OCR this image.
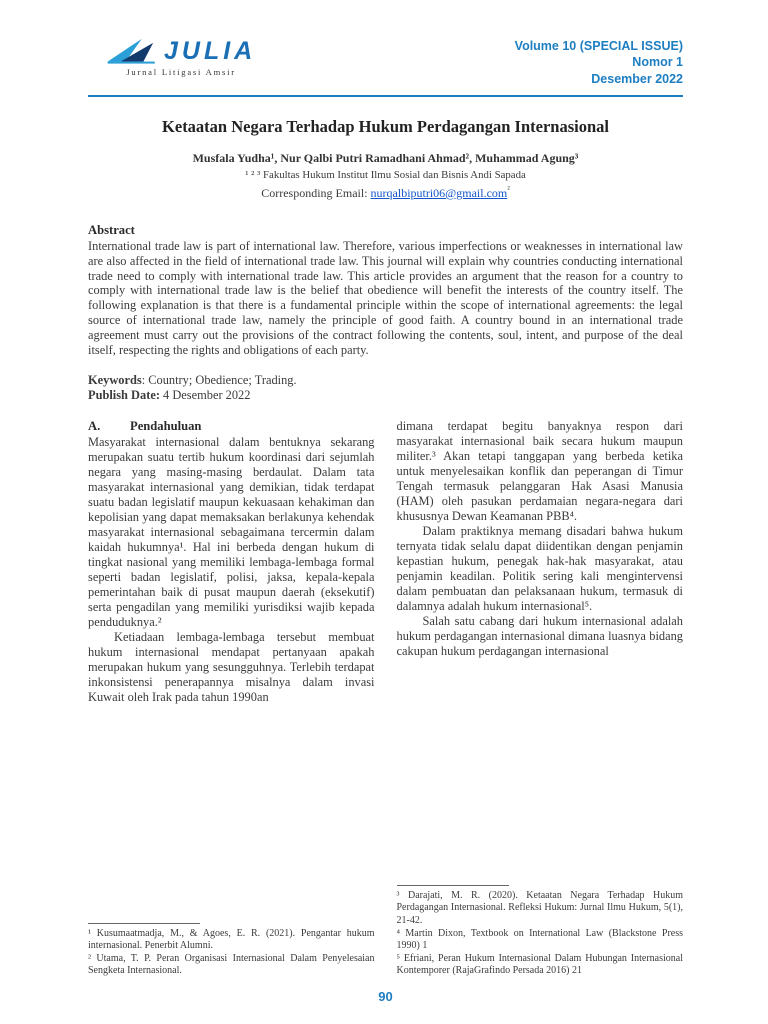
JULIA
Jurnal Litigasi Amsir
Volume 10 (SPECIAL ISSUE)
Nomor 1
Desember 2022
Ketaatan Negara Terhadap Hukum Perdagangan Internasional
Musfala Yudha¹, Nur Qalbi Putri Ramadhani Ahmad², Muhammad Agung³
¹ ² ³ Fakultas Hukum Institut Ilmu Sosial dan Bisnis Andi Sapada
Corresponding Email: nurqalbiputri06@gmail.com$^{^2}$
Abstract

International trade law is part of international law. Therefore, various imperfections or weaknesses in international law are also affected in the field of international trade law. This journal will explain why countries conducting international trade need to comply with international trade law. This article provides an argument that the reason for a country to comply with international trade law is the belief that obedience will benefit the interests of the country itself. The following explanation is that there is a fundamental principle within the scope of international agreements: the legal source of international trade law, namely the principle of good faith. A country bound in an international trade agreement must carry out the provisions of the contract following the contents, soul, intent, and purpose of the deal itself, respecting the rights and obligations of each party.

Keywords: Country; Obedience; Trading.
Publish Date: 4 Desember 2022
A. Pendahuluan

Masyarakat internasional dalam bentuknya sekarang merupakan suatu tertib hukum koordinasi dari sejumlah negara yang masing-masing berdaulat. Dalam tata masyarakat internasional yang demikian, tidak terdapat suatu badan legislatif maupun kekuasaan kehakiman dan kepolisian yang dapat memaksakan berlakunya kehendak masyarakat internasional sebagaimana tercermin dalam kaidah hukumnya¹. Hal ini berbeda dengan hukum di tingkat nasional yang memiliki lembaga-lembaga formal seperti badan legislatif, polisi, jaksa, kepala-kepala pemerintahan baik di pusat maupun daerah (eksekutif) serta pengadilan yang memiliki yurisdiksi wajib kepada penduduknya.²

Ketiadaan lembaga-lembaga tersebut membuat hukum internasional mendapat pertanyaan apakah merupakan hukum yang sesungguhnya. Terlebih terdapat inkonsistensi penerapannya misalnya dalam invasi Kuwait oleh Irak pada tahun 1990an

¹ Kusumaatmadja, M., & Agoes, E. R. (2021). Pengantar hukum internasional. Penerbit Alumni.

² Utama, T. P. Peran Organisasi Internasional Dalam Penyelesaian Sengketa Internasional.

dimana terdapat begitu banyaknya respon dari masyarakat internasional baik secara hukum maupun militer.³ Akan tetapi tanggapan yang berbeda ketika untuk menyelesaikan konflik dan peperangan di Timur Tengah termasuk pelanggaran Hak Asasi Manusia (HAM) oleh pasukan perdamaian negara-negara dari khususnya Dewan Keamanan PBB⁴.

Dalam praktiknya memang disadari bahwa hukum ternyata tidak selalu dapat diidentikan dengan penjamin kepastian hukum, penegak hak-hak masyarakat, atau penjamin keadilan. Politik sering kali mengintervensi dalam pembuatan dan pelaksanaan hukum, termasuk di dalamnya adalah hukum internasional⁵.

Salah satu cabang dari hukum internasional adalah hukum perdagangan internasional dimana luasnya bidang cakupan hukum perdagangan internasional

³ Darajati, M. R. (2020). Ketaatan Negara Terhadap Hukum Perdagangan Internasional. Refleksi Hukum: Jurnal Ilmu Hukum, 5(1), 21-42.

⁴ Martin Dixon, Textbook on International Law (Blackstone Press 1990) 1

⁵ Efriani, Peran Hukum Internasional Dalam Hubungan Internasional Kontemporer (RajaGrafindo Persada 2016) 21

90
